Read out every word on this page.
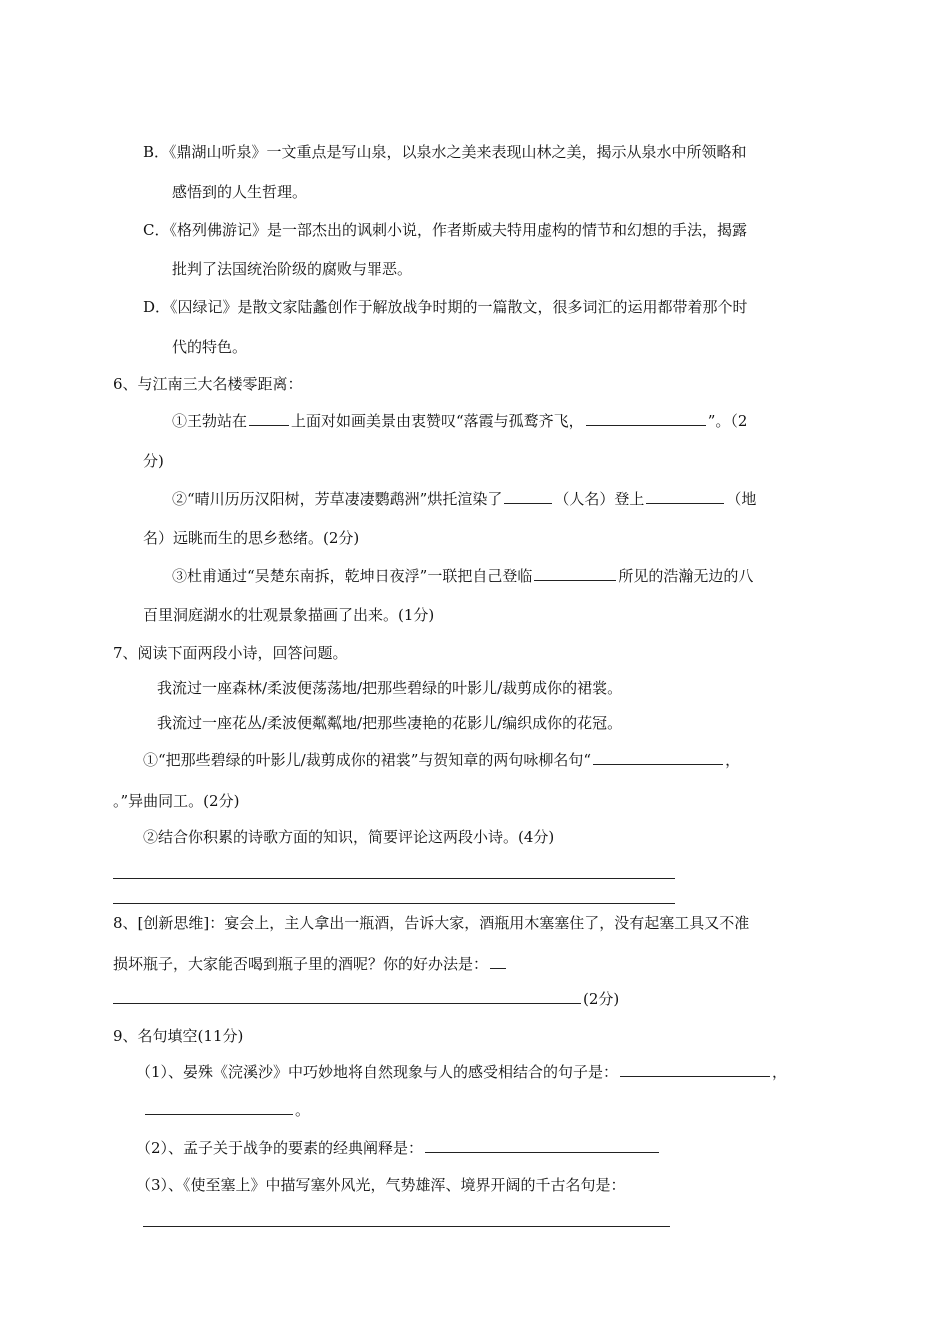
B．《鼎湖山听泉》一文重点是写山泉，以泉水之美来表现山林之美，揭示从泉水中所领略和
感悟到的人生哲理。
C．《格列佛游记》是一部杰出的讽刺小说，作者斯威夫特用虚构的情节和幻想的手法，揭露
批判了法国统治阶级的腐败与罪恶。
D．《囚绿记》是散文家陆蠡创作于解放战争时期的一篇散文，很多词汇的运用都带着那个时
代的特色。
6、与江南三大名楼零距离：
①王勃站在	上面对如画美景由衷赞叹“落霞与孤鹜齐飞，	”。（2
分)
②“晴川历历汉阳树，芳草凄凄鹦鹉洲”烘托渲染了	（人名）登上	（地
名）远眺而生的思乡愁绪。(2分)
③杜甫通过“吴楚东南拆，乾坤日夜浮”一联把自己登临	所见的浩瀚无边的八
百里洞庭湖水的壮观景象描画了出来。(1分)
7、阅读下面两段小诗，回答问题。
我流过一座森林/柔波便荡荡地/把那些碧绿的叶影儿/裁剪成你的裙裳。
我流过一座花丛/柔波便粼粼地/把那些凄艳的花影儿/编织成你的花冠。
①“把那些碧绿的叶影儿/裁剪成你的裙裳”与贺知章的两句咏柳名句“	，
。”异曲同工。(2分)
②结合你积累的诗歌方面的知识，简要评论这两段小诗。(4分)
8、[创新思维]：宴会上，主人拿出一瓶酒，告诉大家，酒瓶用木塞塞住了，没有起塞工具又不准
损坏瓶子，大家能否喝到瓶子里的酒呢？你的好办法是：
(2分)
9、名句填空(11分)
（1）、晏殊《浣溪沙》中巧妙地将自然现象与人的感受相结合的句子是：	，
。
（2）、孟子关于战争的要素的经典阐释是：
（3）、《使至塞上》中描写塞外风光，气势雄浑、境界开阔的千古名句是：
